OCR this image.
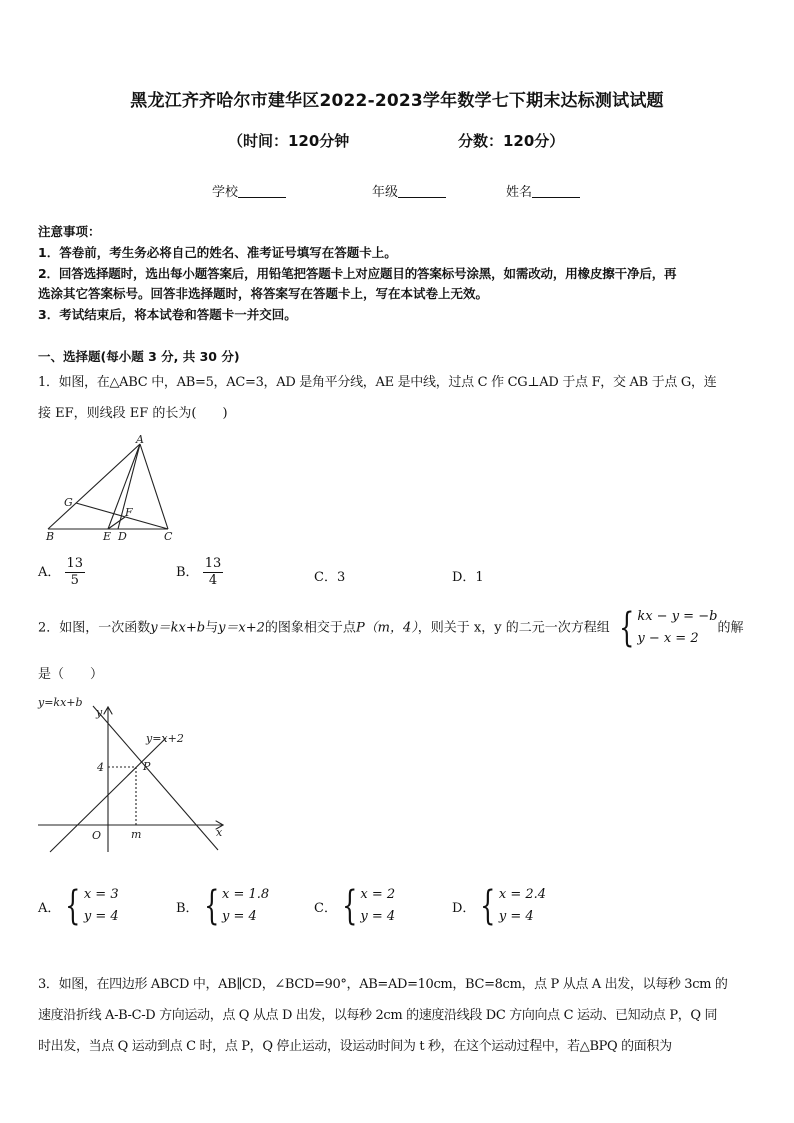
黑龙江齐齐哈尔市建华区2022-2023学年数学七下期末达标测试试题
（时间：120分钟	分数：120分）
学校	年级	姓名
注意事项：
1．答卷前，考生务必将自己的姓名、准考证号填写在答题卡上。
2．回答选择题时，选出每小题答案后，用铅笔把答题卡上对应题目的答案标号涂黑，如需改动，用橡皮擦干净后，再
选涂其它答案标号。回答非选择题时，将答案写在答题卡上，写在本试卷上无效。
3．考试结束后，将本试卷和答题卡一并交回。
一、选择题(每小题 3 分, 共 30 分)
1．如图，在△ABC 中，AB=5，AC=3，AD 是角平分线，AE 是中线，过点 C 作 CG⊥AD 于点 F，交 AB 于点 G，连
接 EF，则线段 EF 的长为(　　)
A
B	C
D
E
F
G
A． $\frac{13}{5}$	B． $\frac{13}{4}$	C．3	D．1
2．如图，一次函数y＝kx+b与y＝x+2的图象相交于点P（m，4），则关于 x，y 的二元一次方程组 { kx − y = −b
y − x = 2
的解
是（　　）
y=kx+b
y=x+2
y
x
O
P
4
m
A． { x = 3
y = 4
B． { x = 1.8
y = 4
C． { x = 2
y = 4
D． { x = 2.4
y = 4
3．如图，在四边形 ABCD 中，AB∥CD，∠BCD=90°，AB=AD=10cm，BC=8cm，点 P 从点 A 出发，以每秒 3cm 的
速度沿折线 A-B-C-D 方向运动，点 Q 从点 D 出发，以每秒 2cm 的速度沿线段 DC 方向向点 C 运动、已知动点 P，Q 同
时出发，当点 Q 运动到点 C 时，点 P，Q 停止运动，设运动时间为 t 秒，在这个运动过程中，若△BPQ 的面积为
